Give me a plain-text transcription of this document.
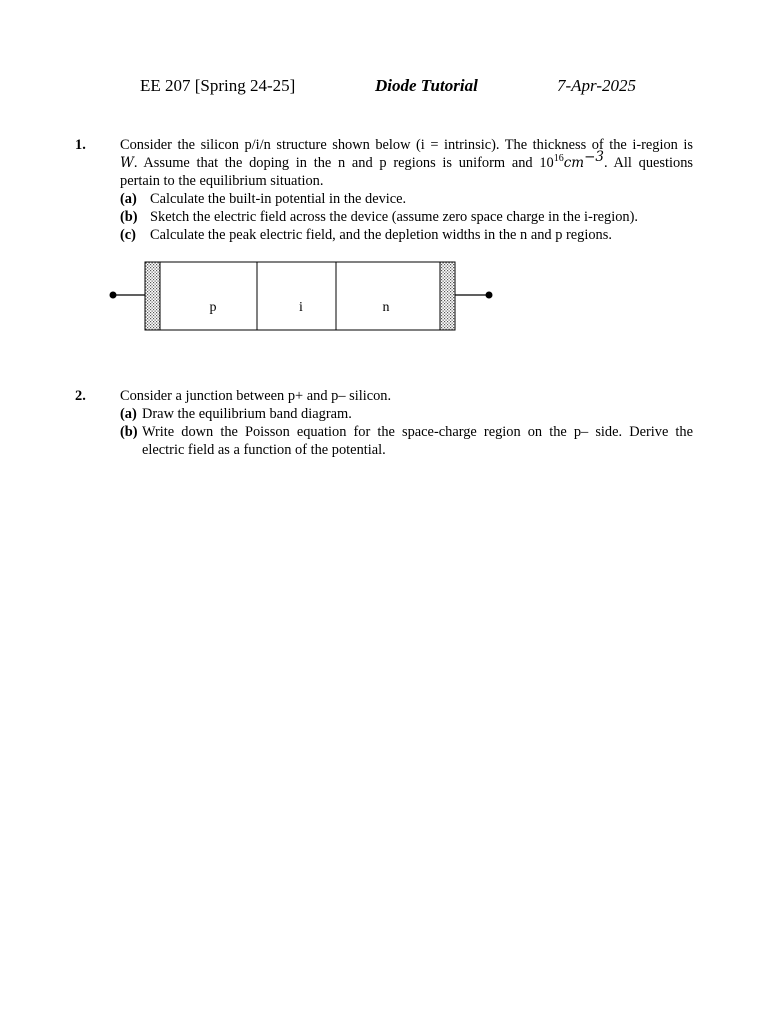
EE 207 [Spring 24-25]	Diode Tutorial	7-Apr-2025
1. Consider the silicon p/i/n structure shown below (i = intrinsic). The thickness of the i-region is
W. Assume that the doping in the n and p regions is uniform and $10^{16}cm^{-3}$. All questions
pertain to the equilibrium situation.
(a) Calculate the built-in potential in the device.
(b) Sketch the electric field across the device (assume zero space charge in the i-region).
(c) Calculate the peak electric field, and the depletion widths in the n and p regions.
p	i	n
2. Consider a junction between p+ and p– silicon.
(a) Draw the equilibrium band diagram.
(b) Write down the Poisson equation for the space-charge region on the p– side. Derive the
electric field as a function of the potential.
